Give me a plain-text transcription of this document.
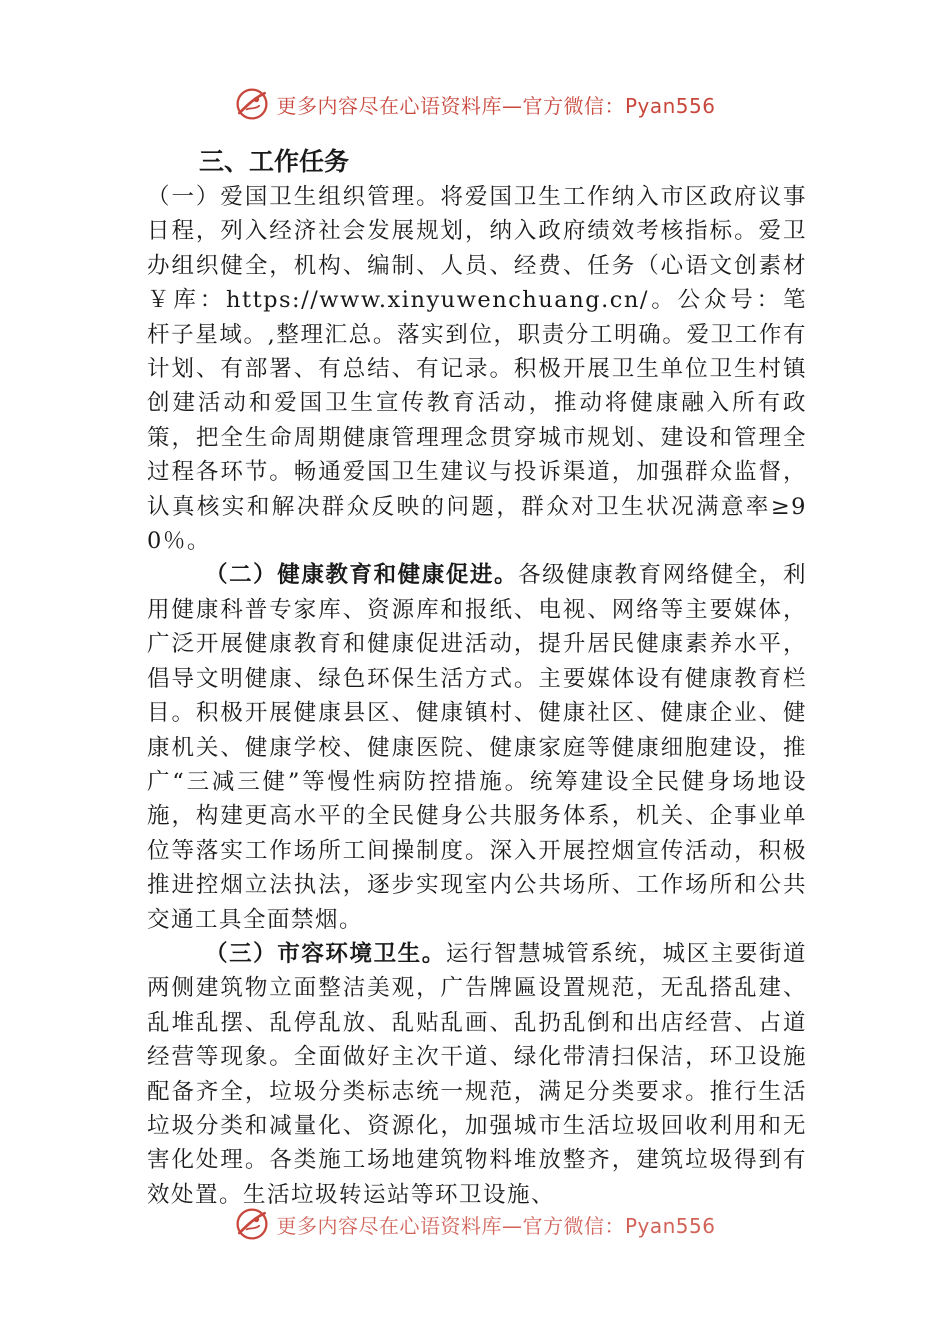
更多内容尽在心语资料库—官方微信：Pyan556
三、工作任务

（一）爱国卫生组织管理。将爱国卫生工作纳入市区政府议事日程，列入经济社会发展规划，纳入政府绩效考核指标。爱卫办组织健全，机构、编制、人员、经费、任务（心语文创素材￥库：https://www.xinyuwenchuang.cn/。公众号：笔杆子星域。,整理汇总。落实到位，职责分工明确。爱卫工作有计划、有部署、有总结、有记录。积极开展卫生单位卫生村镇创建活动和爱国卫生宣传教育活动，推动将健康融入所有政策，把全生命周期健康管理理念贯穿城市规划、建设和管理全过程各环节。畅通爱国卫生建议与投诉渠道，加强群众监督，认真核实和解决群众反映的问题，群众对卫生状况满意率≥90％。

（二）健康教育和健康促进。各级健康教育网络健全，利用健康科普专家库、资源库和报纸、电视、网络等主要媒体，广泛开展健康教育和健康促进活动，提升居民健康素养水平，倡导文明健康、绿色环保生活方式。主要媒体设有健康教育栏目。积极开展健康县区、健康镇村、健康社区、健康企业、健康机关、健康学校、健康医院、健康家庭等健康细胞建设，推广“三减三健”等慢性病防控措施。统筹建设全民健身场地设施，构建更高水平的全民健身公共服务体系，机关、企事业单位等落实工作场所工间操制度。深入开展控烟宣传活动，积极推进控烟立法执法，逐步实现室内公共场所、工作场所和公共交通工具全面禁烟。

（三）市容环境卫生。运行智慧城管系统，城区主要街道两侧建筑物立面整洁美观，广告牌匾设置规范，无乱搭乱建、乱堆乱摆、乱停乱放、乱贴乱画、乱扔乱倒和出店经营、占道经营等现象。全面做好主次干道、绿化带清扫保洁，环卫设施配备齐全，垃圾分类标志统一规范，满足分类要求。推行生活垃圾分类和减量化、资源化，加强城市生活垃圾回收利用和无害化处理。各类施工场地建筑物料堆放整齐，建筑垃圾得到有效处置。生活垃圾转运站等环卫设施、

更多内容尽在心语资料库—官方微信：Pyan556
